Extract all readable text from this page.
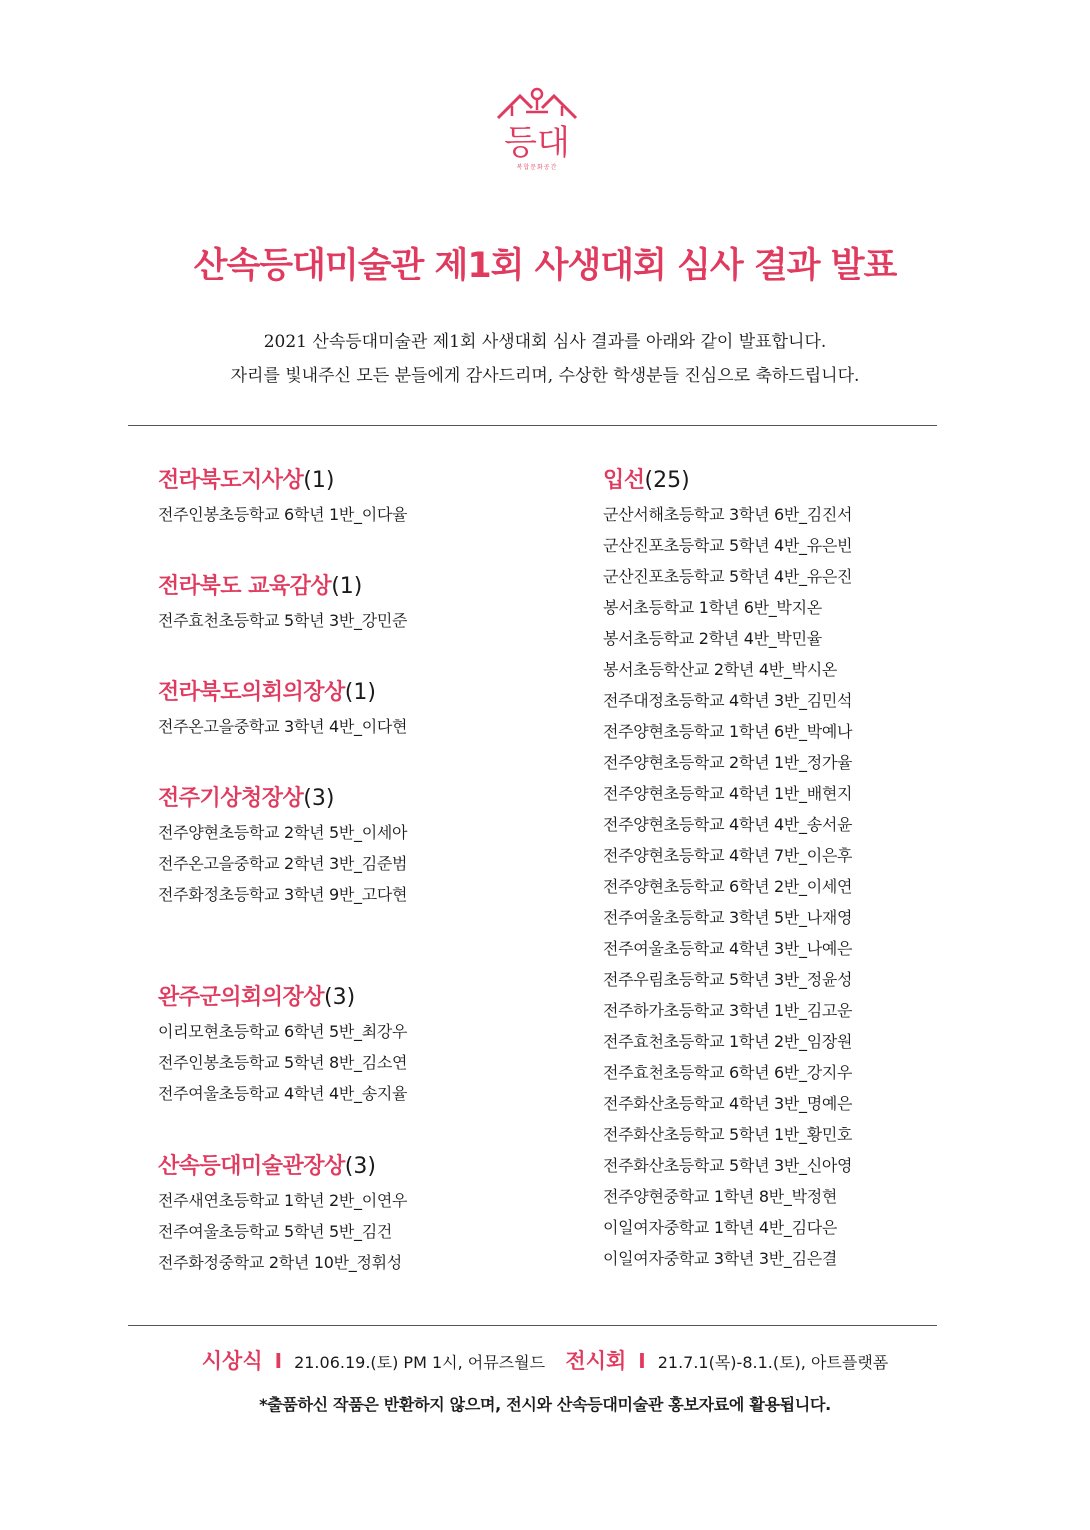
등대
복합문화공간
산속등대미술관 제1회 사생대회 심사 결과 발표
2021 산속등대미술관 제1회 사생대회 심사 결과를 아래와 같이 발표합니다.
자리를 빛내주신 모든 분들에게 감사드리며, 수상한 학생분들 진심으로 축하드립니다.
전라북도지사상(1)
전주인봉초등학교 6학년 1반_이다율
전라북도 교육감상(1)
전주효천초등학교 5학년 3반_강민준
전라북도의회의장상(1)
전주온고을중학교 3학년 4반_이다현
전주기상청장상(3)
전주양현초등학교 2학년 5반_이세아
전주온고을중학교 2학년 3반_김준범
전주화정초등학교 3학년 9반_고다현
완주군의회의장상(3)
이리모현초등학교 6학년 5반_최강우
전주인봉초등학교 5학년 8반_김소연
전주여울초등학교 4학년 4반_송지율
산속등대미술관장상(3)
전주새연초등학교 1학년 2반_이연우
전주여울초등학교 5학년 5반_김건
전주화정중학교 2학년 10반_정휘성
입선(25)
군산서해초등학교 3학년 6반_김진서
군산진포초등학교 5학년 4반_유은빈
군산진포초등학교 5학년 4반_유은진
봉서초등학교 1학년 6반_박지온
봉서초등학교 2학년 4반_박민율
봉서초등학산교 2학년 4반_박시온
전주대정초등학교 4학년 3반_김민석
전주양현초등학교 1학년 6반_박예나
전주양현초등학교 2학년 1반_정가율
전주양현초등학교 4학년 1반_배현지
전주양현초등학교 4학년 4반_송서윤
전주양현초등학교 4학년 7반_이은후
전주양현초등학교 6학년 2반_이세연
전주여울초등학교 3학년 5반_나재영
전주여울초등학교 4학년 3반_나예은
전주우림초등학교 5학년 3반_정윤성
전주하가초등학교 3학년 1반_김고운
전주효천초등학교 1학년 2반_임장원
전주효천초등학교 6학년 6반_강지우
전주화산초등학교 4학년 3반_명예은
전주화산초등학교 5학년 1반_황민호
전주화산초등학교 5학년 3반_신아영
전주양현중학교 1학년 8반_박정현
이일여자중학교 1학년 4반_김다은
이일여자중학교 3학년 3반_김은결
시상식 I 21.06.19.(토) PM 1시, 어뮤즈월드 전시회 I 21.7.1(목)-8.1.(토), 아트플랫폼
*출품하신 작품은 반환하지 않으며, 전시와 산속등대미술관 홍보자료에 활용됩니다.
